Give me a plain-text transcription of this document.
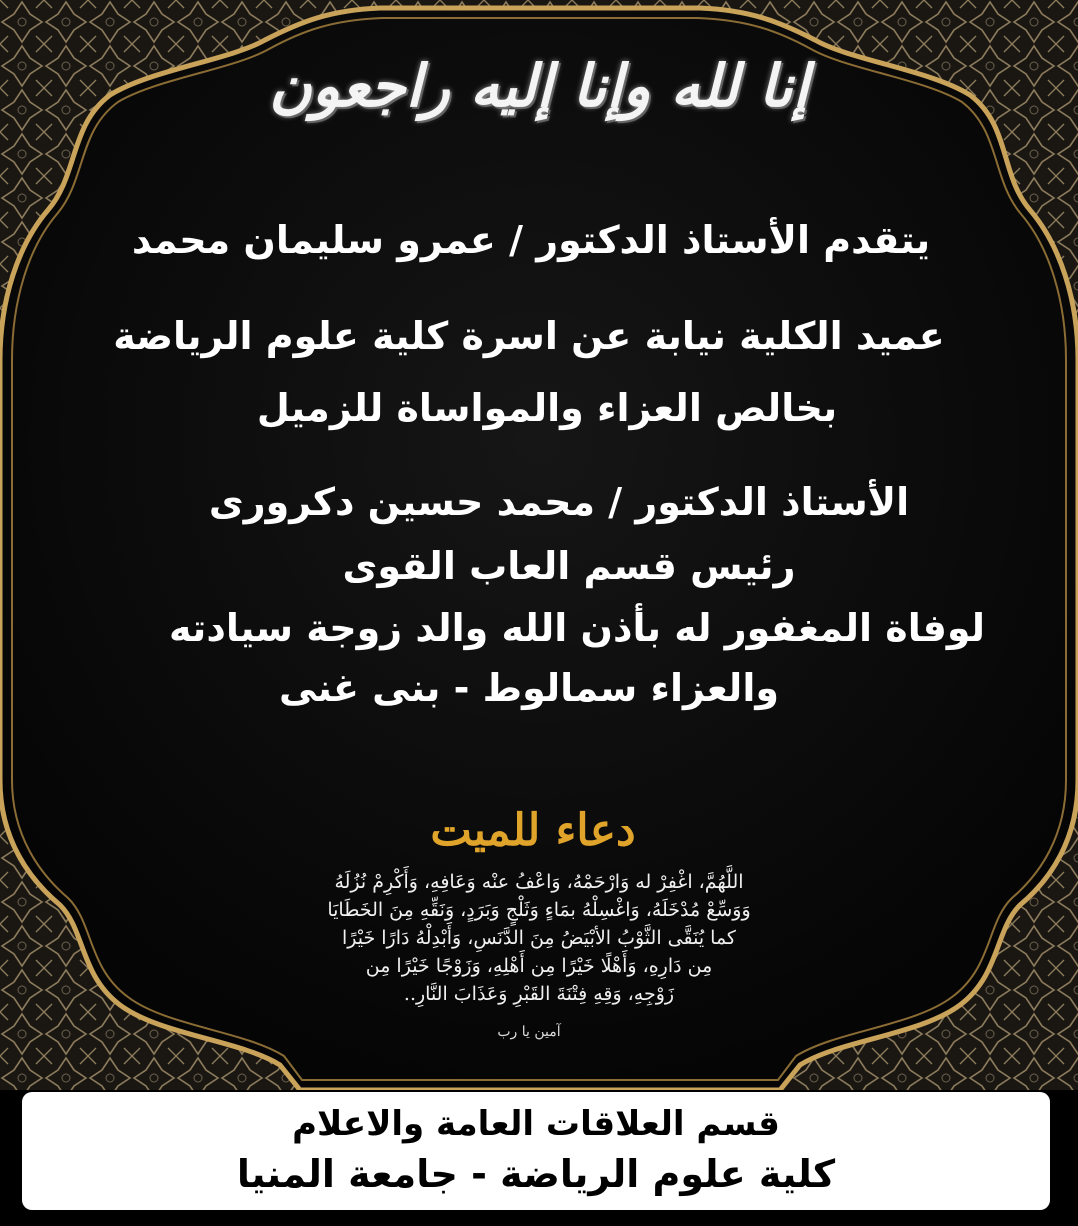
إنا لله وإنا إليه راجعون
يتقدم الأستاذ الدكتور / عمرو سليمان محمد
عميد الكلية نيابة عن اسرة كلية علوم الرياضة
بخالص العزاء والمواساة للزميل
الأستاذ الدكتور / محمد حسين دكرورى
رئيس قسم العاب القوى
لوفاة المغفور له بأذن الله والد زوجة سيادته
والعزاء سمالوط - بنى غنى
دعاء للميت
اللَّهُمَّ، اغْفِرْ له وَارْحَمْهُ، وَاعْفُ عنْه وَعَافِهِ، وَأَكْرِمْ نُزُلَهُ
وَوَسِّعْ مُدْخَلَهُ، وَاغْسِلْهُ بمَاءٍ وَثَلْجٍ وَبَرَدٍ، وَنَقِّهِ مِنَ الخَطَايَا
كما يُنَقَّى الثَّوْبُ الأبْيَضُ مِنَ الدَّنَسِ، وَأَبْدِلْهُ دَارًا خَيْرًا
مِن دَارِهِ، وَأَهْلًا خَيْرًا مِن أَهْلِهِ، وَزَوْجًا خَيْرًا مِن
زَوْجِهِ، وَقِهِ فِتْنَةَ القَبْرِ وَعَذَابَ النَّارِ..
آمين يا رب
قسم العلاقات العامة والاعلام
كلية علوم الرياضة - جامعة المنيا
